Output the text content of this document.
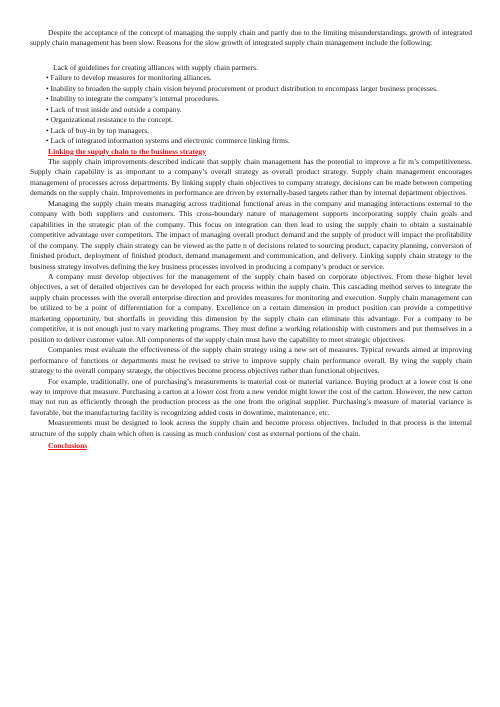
Despite the acceptance of the concept of managing the supply chain and partly due to the limiting misunderstandings, growth of integrated supply chain management has been slow. Reasons for the slow growth of integrated supply chain management include the following:

Lack of guidelines for creating alliances with supply chain partners.
• Failure to develop measures for monitoring alliances.
• Inability to broaden the supply chain vision beyond procurement or product distribution to encompass larger business processes.
• Inability to integrate the company’s internal procedures.
• Lack of trust inside and outside a company.
• Organizational resistance to the concept.
• Lack of buy-in by top managers.
• Lack of integrated information systems and electronic commerce linking firms.

Linking the supply chain to the business strategy

The supply chain improvements described indicate that supply chain management has the potential to improve a fir m’s competitiveness. Supply chain capability is as important to a company’s overall strategy as overall product strategy. Supply chain management encourages management of processes across departments. By linking supply chain objectives to company strategy, decisions can be made between competing demands on the supply chain. Improvements in performance are driven by externally-based targets rather than by internal department objectives.

Managing the supply chain means managing across traditional functional areas in the company and managing interactions external to the company with both suppliers and customers. This cross-boundary nature of management supports incorporating supply chain goals and capabilities in the strategic plan of the company. This focus on integration can then lead to using the supply chain to obtain a sustainable competitive advantage over competitors. The impact of managing overall product demand and the supply of product will impact the profitability of the company. The supply chain strategy can be viewed as the patte n of decisions related to sourcing product, capacity planning, conversion of finished product, deployment of finished product, demand management and communication, and delivery. Linking supply chain strategy to the business strategy involves defining the key business processes involved in producing a company’s product or service.

A company must develop objectives for the management of the supply chain based on corporate objectives. From these higher level objectives, a set of detailed objectives can be developed for each process within the supply chain. This cascading method serves to integrate the supply chain processes with the overall enterprise direction and provides measures for monitoring and execution. Supply chain management can be utilized to be a point of differentiation for a company. Excellence on a certain dimension in product position can provide a competitive marketing opportunity, but shortfalls in providing this dimension by the supply chain can eliminate this advantage. For a company to be competitive, it is not enough just to vary marketing programs. They must define a working relationship with customers and put themselves in a position to deliver customer value. All components of the supply chain must have the capability to meet strategic objectives.

Companies must evaluate the effectiveness of the supply chain strategy using a new set of measures. Typical rewards aimed at improving performance of functions or departments must be revised to strive to improve supply chain performance overall. By tying the supply chain strategy to the overall company strategy, the objectives become process objectives rather than functional objectives.

For example, traditionally, one of purchasing’s measurements is material cost or material variance. Buying product at a lower cost is one way to improve that measure. Purchasing a carton at a lower cost from a new vendor might lower the cost of the carton. However, the new carton may not run as efficiently through the production process as the one from the original supplier. Purchasing’s measure of material variance is favorable, but the manufacturing facility is recognizing added costs in downtime, maintenance, etc.

Measurements must be designed to look across the supply chain and become process objectives. Included in that process is the internal structure of the supply chain which often is causing as much confusion/ cost as external portions of the chain.

Conclusions
